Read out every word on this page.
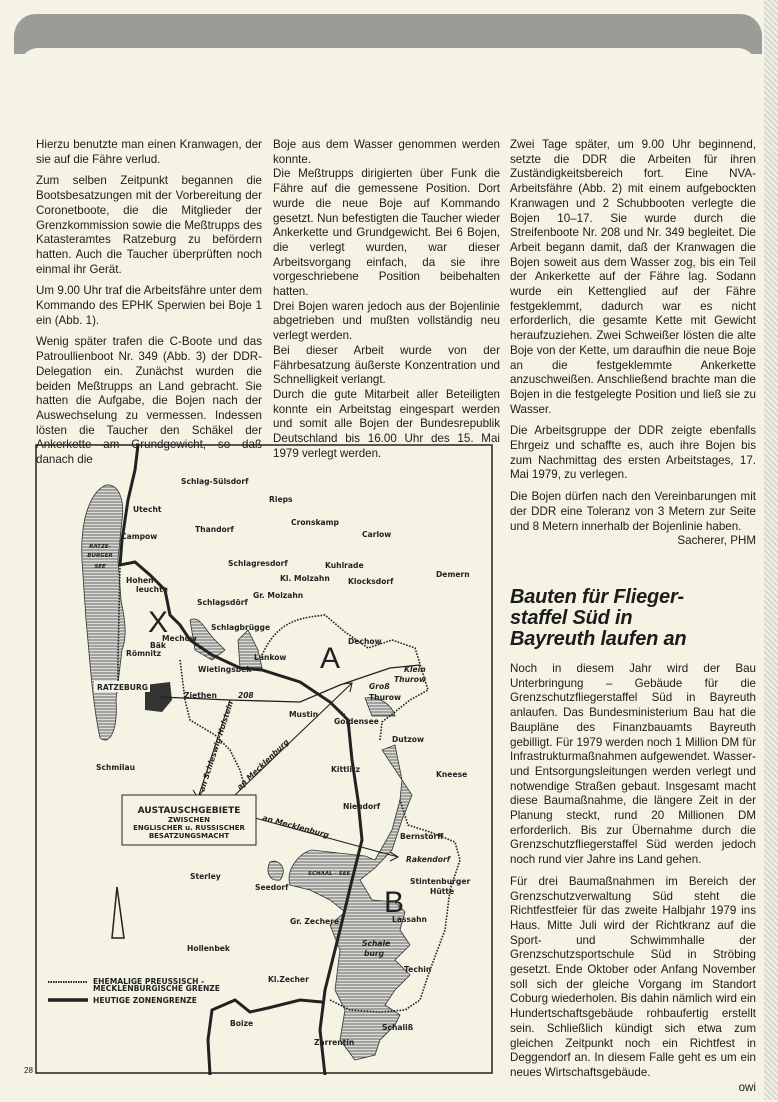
Hierzu benutzte man einen Kranwagen, der sie auf die Fähre verlud.

Zum selben Zeitpunkt begannen die Bootsbesatzungen mit der Vorbereitung der Coronetboote, die die Mitglieder der Grenzkommission sowie die Meßtrupps des Katasteramtes Ratzeburg zu befördern hatten. Auch die Taucher überprüften noch einmal ihr Gerät.

Um 9.00 Uhr traf die Arbeitsfähre unter dem Kommando des EPHK Sperwien bei Boje 1 ein (Abb. 1).

Wenig später trafen die C-Boote und das Patroullienboot Nr. 349 (Abb. 3) der DDR-Delegation ein. Zunächst wurden die beiden Meßtrupps an Land gebracht. Sie hatten die Aufgabe, die Bojen nach der Auswechselung zu vermessen. Indessen lösten die Taucher den Schäkel der Ankerkette am Grundgewicht, so daß danach die

Boje aus dem Wasser genommen werden konnte.

Die Meßtrupps dirigierten über Funk die Fähre auf die gemessene Position. Dort wurde die neue Boje auf Kommando gesetzt. Nun befestigten die Taucher wieder Ankerkette und Grundgewicht. Bei 6 Bojen, die verlegt wurden, war dieser Arbeitsvorgang einfach, da sie ihre vorgeschriebene Position beibehalten hatten.

Drei Bojen waren jedoch aus der Bojenlinie abgetrieben und mußten vollständig neu verlegt werden.

Bei dieser Arbeit wurde von der Fährbesatzung äußerste Konzentration und Schnelligkeit verlangt.

Durch die gute Mitarbeit aller Beteiligten konnte ein Arbeitstag eingespart werden und somit alle Bojen der Bundesrepublik Deutschland bis 16.00 Uhr des 15. Mai 1979 verlegt werden.

Zwei Tage später, um 9.00 Uhr beginnend, setzte die DDR die Arbeiten für ihren Zuständigkeitsbereich fort. Eine NVA-Arbeitsfähre (Abb. 2) mit einem aufgebockten Kranwagen und 2 Schubbooten verlegte die Bojen 10–17. Sie wurde durch die Streifenboote Nr. 208 und Nr. 349 begleitet. Die Arbeit begann damit, daß der Kranwagen die Bojen soweit aus dem Wasser zog, bis ein Teil der Ankerkette auf der Fähre lag. Sodann wurde ein Kettenglied auf der Fähre festgeklemmt, dadurch war es nicht erforderlich, die gesamte Kette mit Gewicht heraufzuziehen. Zwei Schweißer lösten die alte Boje von der Kette, um daraufhin die neue Boje an die festgeklemmte Ankerkette anzuschweißen. Anschließend brachte man die Bojen in die festgelegte Position und ließ sie zu Wasser.

Die Arbeitsgruppe der DDR zeigte ebenfalls Ehrgeiz und schaffte es, auch ihre Bojen bis zum Nachmittag des ersten Arbeitstages, 17. Mai 1979, zu verlegen.

Die Bojen dürfen nach den Vereinbarungen mit der DDR eine Toleranz von 3 Metern zur Seite und 8 Metern innerhalb der Bojenlinie haben.

Sacherer, PHM

Bauten für Flieger-
staffel Süd in
Bayreuth laufen an

Noch in diesem Jahr wird der Bau Unterbringung – Gebäude für die Grenzschutzfliegerstaffel Süd in Bayreuth anlaufen. Das Bundesministerium Bau hat die Baupläne des Finanzbauamts Bayreuth gebilligt. Für 1979 werden noch 1 Million DM für Infrastrukturmaßnahmen aufgewendet. Wasser- und Entsorgungsleitungen werden verlegt und notwendige Straßen gebaut. Insgesamt macht diese Baumaßnahme, die längere Zeit in der Planung steckt, rund 20 Millionen DM erforderlich. Bis zur Übernahme durch die Grenzschutzfliegerstaffel Süd werden jedoch noch rund vier Jahre ins Land gehen.

Für drei Baumaßnahmen im Bereich der Grenzschutzverwaltung Süd steht die Richtfestfeier für das zweite Halbjahr 1979 ins Haus. Mitte Juli wird der Richtkranz auf die Sport- und Schwimmhalle der Grenzschutzsportschule Süd in Ströbing gesetzt. Ende Oktober oder Anfang November soll sich der gleiche Vorgang im Standort Coburg wiederholen. Bis dahin nämlich wird ein Hundertschaftsgebäude rohbaufertig erstellt sein. Schließlich kündigt sich etwa zum gleichen Zeitpunkt noch ein Richtfest in Deggendorf an. In diesem Falle geht es um ein neues Wirtschaftsgebäude.

owi

AUSTAUSCHGEBIETE
ZWISCHEN
ENGLISCHER u. RUSSISCHER
BESATZUNGSMACHT
EHEMALIGE PREUSSISCH -
MECKLENBURGISCHE GRENZE
HEUTIGE ZONENGRENZE
X
A
B
RATZE-
BURGER
SEE
SCHAAL - SEE
208
an Schleswig-Holstein an Mecklenburg
an Mecklenburg
Schlag-Sülsdorf
Utecht
Campow
Thandorf
Rieps
Cronskamp
Carlow
Schlagresdorf	Kuhlrade
Kl. Molzahn Klocksdorf
Demern
Hohen-
leuchte
Gr. Molzahn
Schlagsdörf
Schlagbrügge
Mechow
Bäk
Römnitz
Dechow
Lankow
Wietingsbek
RATZEBURG
Ziethen
Klein
Thurow
Groß
Thurow
Mustin
Goldensee
Dutzow
Schmilau	Kittlitz
Kneese
Niendorf
Bernstorff
Rakendorf
Sterley
Seedorf
Stintenburger
Hütte
Gr. Zechere	Lassahn
Schale
burg
Techin
Hollenbek
Kl.Zecher
Boize	Schaliß
Zarrentin
28
